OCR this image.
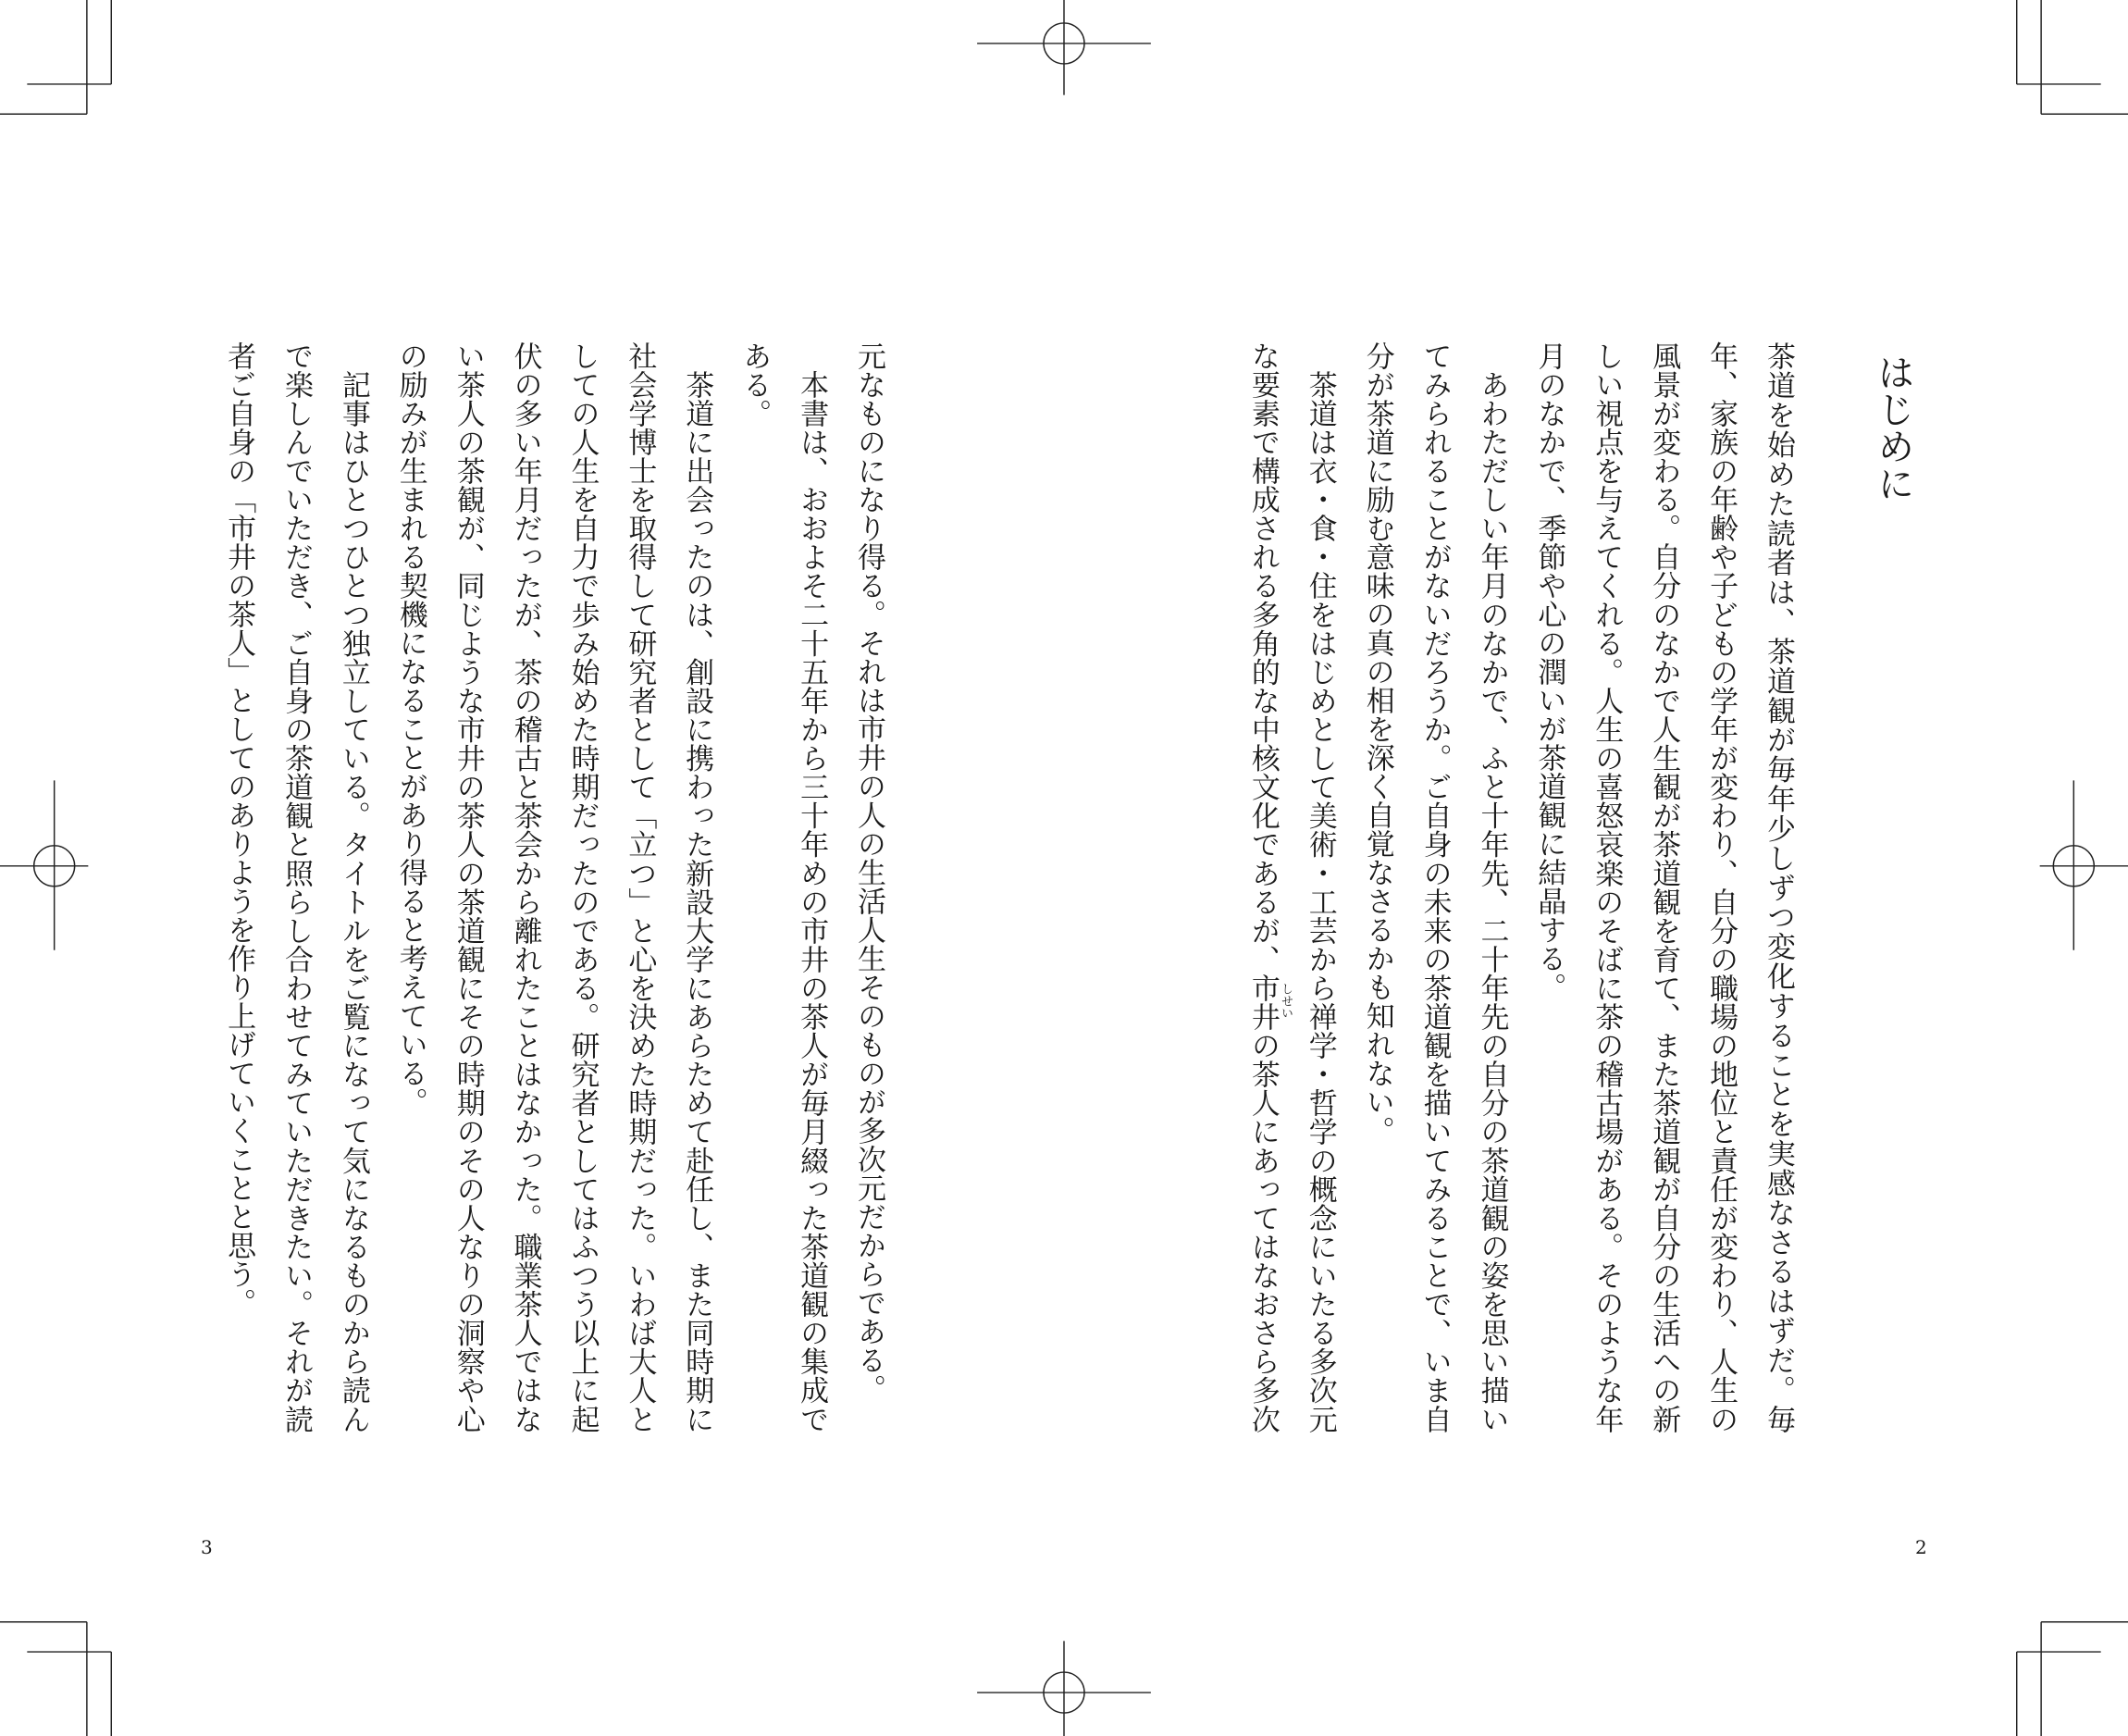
はじめに
茶道を始めた読者は、茶道観が毎年少しずつ変化することを実感なさるはずだ。毎
年、家族の年齢や子どもの学年が変わり、自分の職場の地位と責任が変わり、人生の
風景が変わる。自分のなかで人生観が茶道観を育て、また茶道観が自分の生活への新
しい視点を与えてくれる。人生の喜怒哀楽のそばに茶の稽古場がある。そのような年
月のなかで、季節や心の潤いが茶道観に結晶する。
　あわただしい年月のなかで、ふと十年先、二十年先の自分の茶道観の姿を思い描い
てみられることがないだろうか。ご自身の未来の茶道観を描いてみることで、いま自
分が茶道に励む意味の真の相を深く自覚なさるかも知れない。
　茶道は衣・食・住をはじめとして美術・工芸から禅学・哲学の概念にいたる多次元
な要素で構成される多角的な中核文化であるが、市井の茶人にあってはなおさら多次 しせい
2
元なものになり得る。それは市井の人の生活人生そのものが多次元だからである。
　本書は、おおよそ二十五年から三十年めの市井の茶人が毎月綴った茶道観の集成で
ある。
　茶道に出会ったのは、創設に携わった新設大学にあらためて赴任し、また同時期に
社会学博士を取得して研究者として「立つ」と心を決めた時期だった。いわば大人と
しての人生を自力で歩み始めた時期だったのである。研究者としてはふつう以上に起
伏の多い年月だったが、茶の稽古と茶会から離れたことはなかった。職業茶人ではな
い茶人の茶観が、同じような市井の茶人の茶道観にその時期のその人なりの洞察や心
の励みが生まれる契機になることがあり得ると考えている。
　記事はひとつひとつ独立している。タイトルをご覧になって気になるものから読ん
で楽しんでいただき、ご自身の茶道観と照らし合わせてみていただきたい。それが読
者ご自身の「市井の茶人」としてのありようを作り上げていくことと思う。
3
